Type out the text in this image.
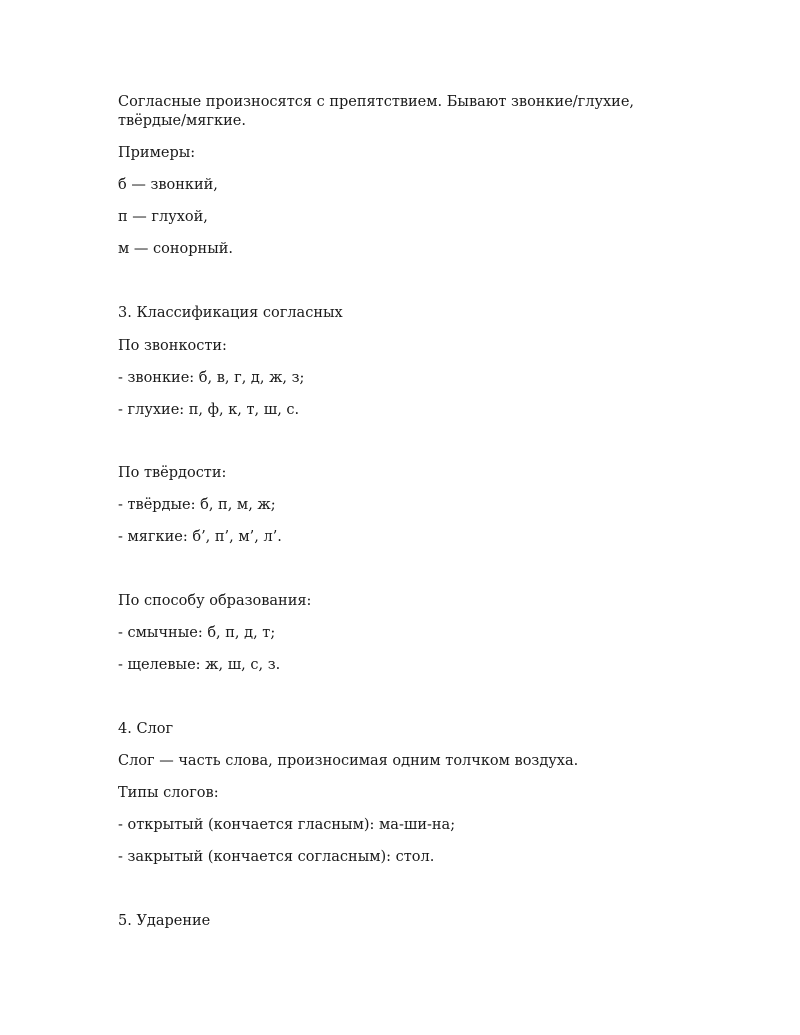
Согласные произносятся с препятствием. Бывают звонкие/глухие,
твёрдые/мягкие.
Примеры:
б — звонкий,
п — глухой,
м — сонорный.
3. Классификация согласных
По звонкости:
- звонкие: б, в, г, д, ж, з;
- глухие: п, ф, к, т, ш, с.
По твёрдости:
- твёрдые: б, п, м, ж;
- мягкие: б’, п’, м’, л’.
По способу образования:
- смычные: б, п, д, т;
- щелевые: ж, ш, с, з.
4. Слог
Слог — часть слова, произносимая одним толчком воздуха.
Типы слогов:
- открытый (кончается гласным): ма-ши-на;
- закрытый (кончается согласным): стол.
5. Ударение
